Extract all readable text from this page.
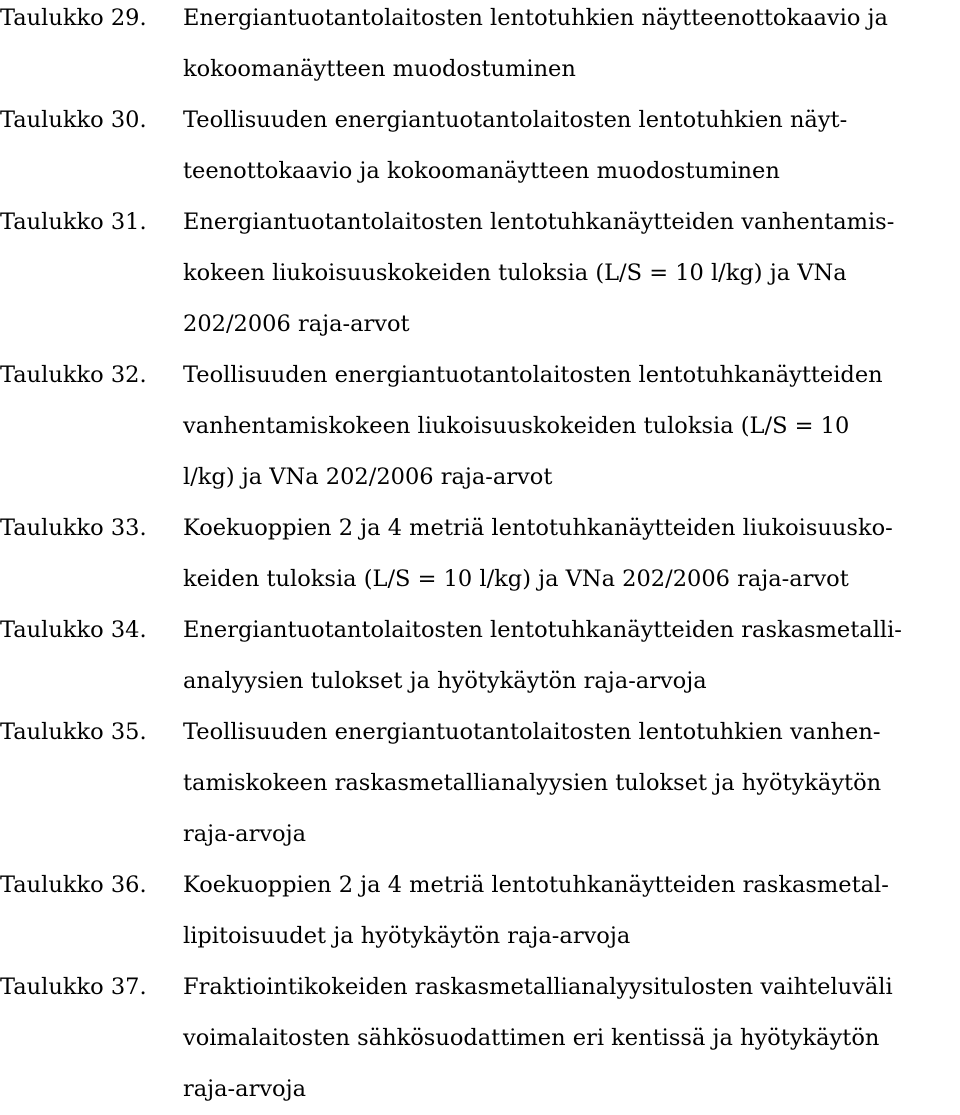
Taulukko 29.	Energiantuotantolaitosten lentotuhkien näytteenottokaavio ja
kokoomanäytteen muodostuminen
Taulukko 30.	Teollisuuden energiantuotantolaitosten lentotuhkien näyt-
teenottokaavio ja kokoomanäytteen muodostuminen
Taulukko 31.	Energiantuotantolaitosten lentotuhkanäytteiden vanhentamis-
kokeen liukoisuuskokeiden tuloksia (L/S = 10 l/kg) ja VNa
202/2006 raja-arvot
Taulukko 32.	Teollisuuden energiantuotantolaitosten lentotuhkanäytteiden
vanhentamiskokeen liukoisuuskokeiden tuloksia (L/S = 10
l/kg) ja VNa 202/2006 raja-arvot
Taulukko 33.	Koekuoppien 2 ja 4 metriä lentotuhkanäytteiden liukoisuusko-
keiden tuloksia (L/S = 10 l/kg) ja VNa 202/2006 raja-arvot
Taulukko 34.	Energiantuotantolaitosten lentotuhkanäytteiden raskasmetalli-
analyysien tulokset ja hyötykäytön raja-arvoja
Taulukko 35.	Teollisuuden energiantuotantolaitosten lentotuhkien vanhen-
tamiskokeen raskasmetallianalyysien tulokset ja hyötykäytön
raja-arvoja
Taulukko 36.	Koekuoppien 2 ja 4 metriä lentotuhkanäytteiden raskasmetal-
lipitoisuudet ja hyötykäytön raja-arvoja
Taulukko 37.	Fraktiointikokeiden raskasmetallianalyysitulosten vaihteluväli
voimalaitosten sähkösuodattimen eri kentissä ja hyötykäytön
raja-arvoja
